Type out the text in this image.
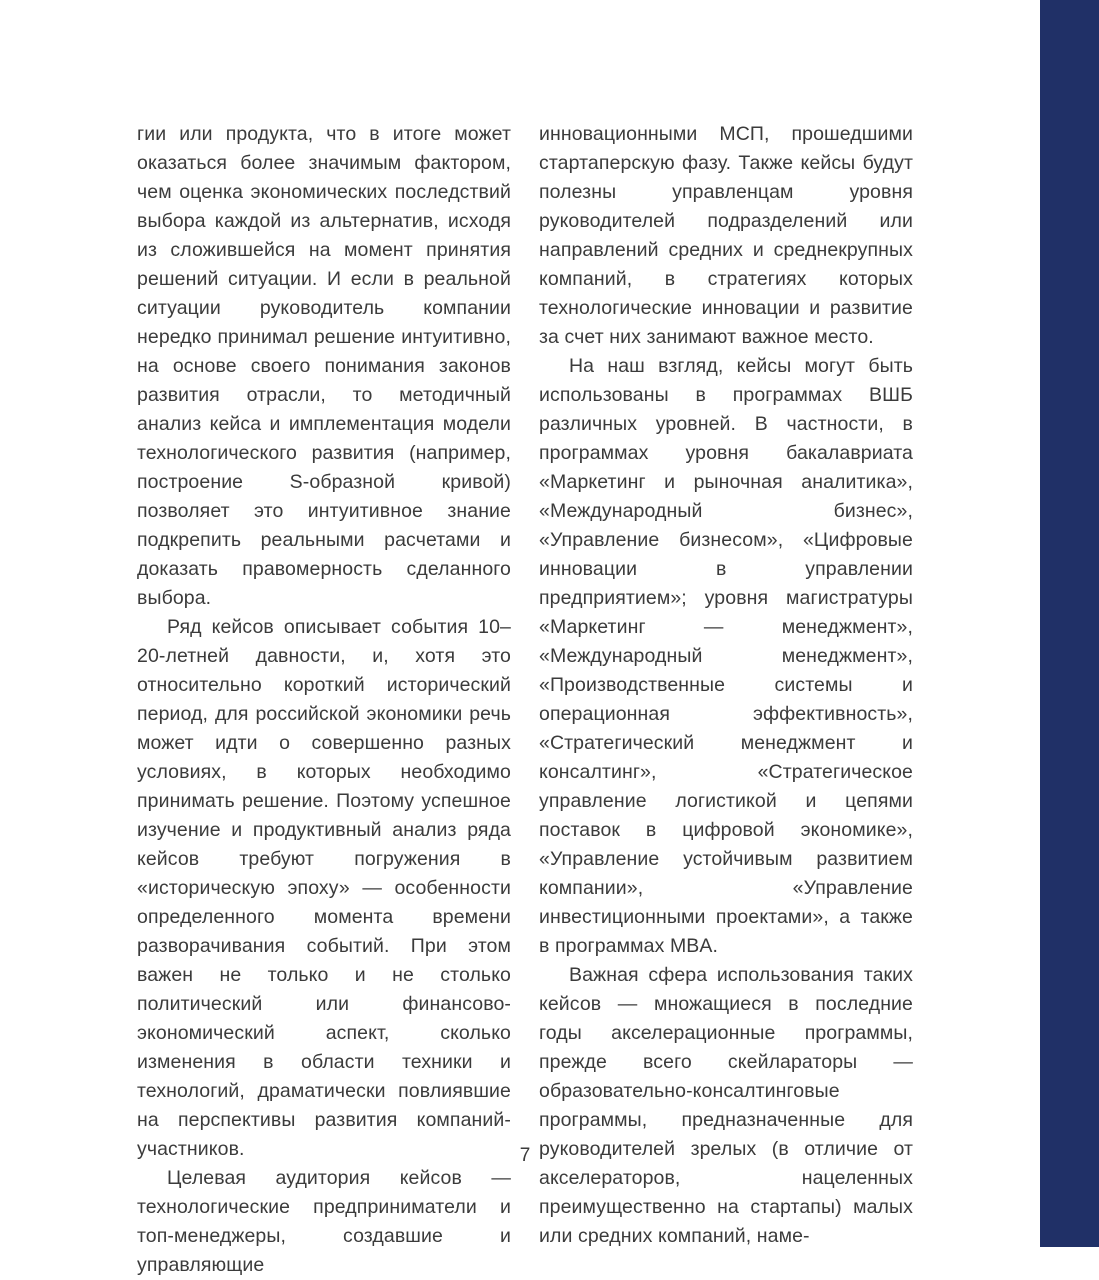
гии или продукта, что в итоге может оказаться более значимым фактором, чем оценка экономических последствий выбора каждой из альтернатив, исходя из сложившейся на момент принятия решений ситуации. И если в реальной ситуации руководитель компании нередко принимал решение интуитивно, на основе своего понимания законов развития отрасли, то методичный анализ кейса и имплементация модели технологического развития (например, построение S-образной кривой) позволяет это интуитивное знание подкрепить реальными расчетами и доказать правомерность сделанного выбора.

Ряд кейсов описывает события 10–20-летней давности, и, хотя это относительно короткий исторический период, для российской экономики речь может идти о совершенно разных условиях, в которых необходимо принимать решение. Поэтому успешное изучение и продуктивный анализ ряда кейсов требуют погружения в «историческую эпоху» — особенности определенного момента времени разворачивания событий. При этом важен не только и не столько политический или финансово-экономический аспект, сколько изменения в области техники и технологий, драматически повлиявшие на перспективы развития компаний-участников.

Целевая аудитория кейсов — технологические предприниматели и топ-менеджеры, создавшие и управляющие

инновационными МСП, прошедшими стартаперскую фазу. Также кейсы будут полезны управленцам уровня руководителей подразделений или направлений средних и среднекрупных компаний, в стратегиях которых технологические инновации и развитие за счет них занимают важное место.

На наш взгляд, кейсы могут быть использованы в программах ВШБ различных уровней. В частности, в программах уровня бакалавриата «Маркетинг и рыночная аналитика», «Международный бизнес», «Управление бизнесом», «Цифровые инновации в управлении предприятием»; уровня магистратуры «Маркетинг — менеджмент», «Международный менеджмент», «Производственные системы и операционная эффективность», «Стратегический менеджмент и консалтинг», «Стратегическое управление логистикой и цепями поставок в цифровой экономике», «Управление устойчивым развитием компании», «Управление инвестиционными проектами», а также в программах MBA.

Важная сфера использования таких кейсов — множащиеся в последние годы акселерационные программы, прежде всего скейлараторы — образовательно-консалтинговые программы, предназначенные для руководителей зрелых (в отличие от акселераторов, нацеленных преимущественно на стартапы) малых или средних компаний, наме-

7
